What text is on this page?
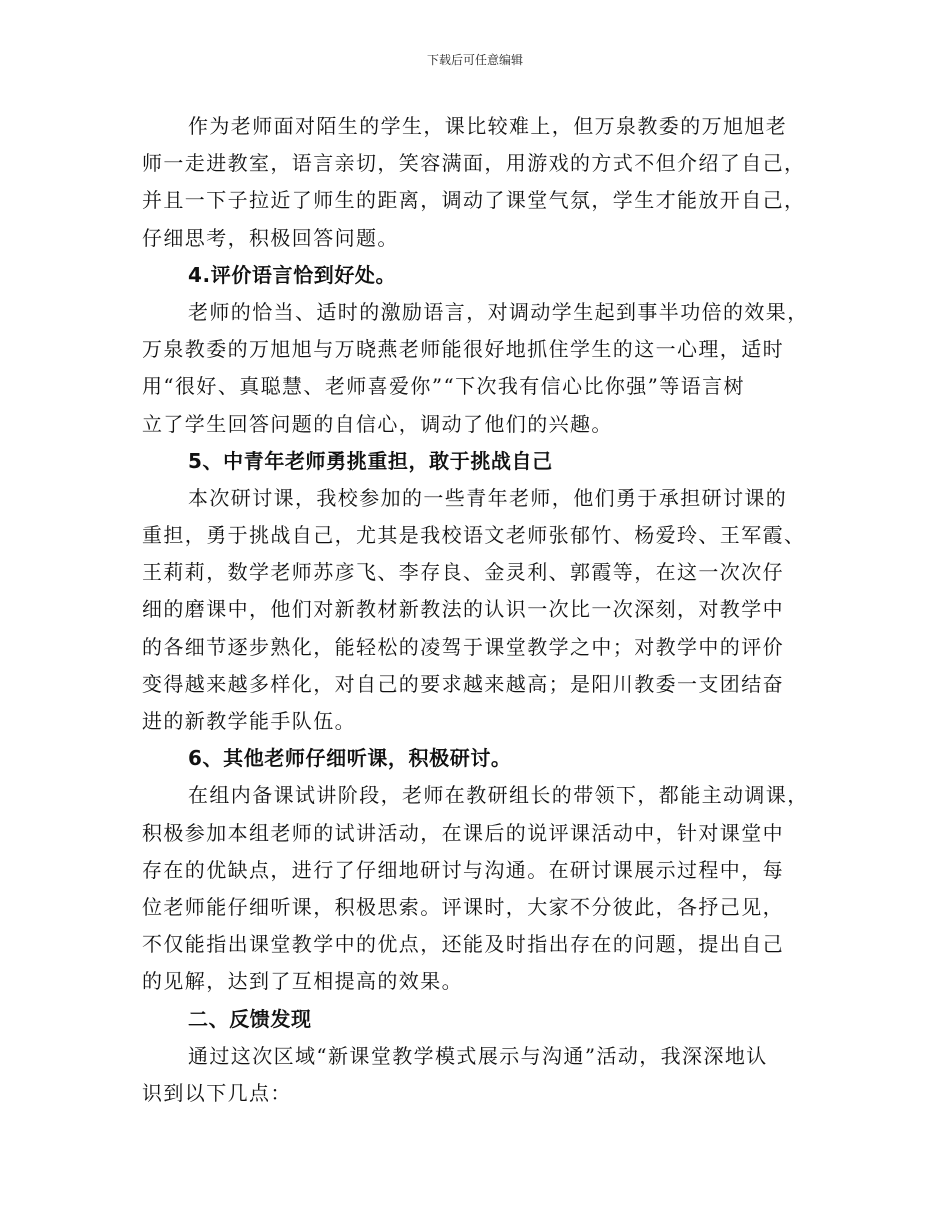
下载后可任意编辑
作为老师面对陌生的学生，课比较难上，但万泉教委的万旭旭老
师一走进教室，语言亲切，笑容满面，用游戏的方式不但介绍了自己，
并且一下子拉近了师生的距离，调动了课堂气氛，学生才能放开自己，
仔细思考，积极回答问题。
4.评价语言恰到好处。
老师的恰当、适时的激励语言，对调动学生起到事半功倍的效果，
万泉教委的万旭旭与万晓燕老师能很好地抓住学生的这一心理，适时
用“很好、真聪慧、老师喜爱你”“下次我有信心比你强”等语言树
立了学生回答问题的自信心，调动了他们的兴趣。
5、中青年老师勇挑重担，敢于挑战自己
本次研讨课，我校参加的一些青年老师，他们勇于承担研讨课的
重担，勇于挑战自己，尤其是我校语文老师张郁竹、杨爱玲、王军霞、
王莉莉，数学老师苏彦飞、李存良、金灵利、郭霞等，在这一次次仔
细的磨课中，他们对新教材新教法的认识一次比一次深刻，对教学中
的各细节逐步熟化，能轻松的凌驾于课堂教学之中；对教学中的评价
变得越来越多样化，对自己的要求越来越高；是阳川教委一支团结奋
进的新教学能手队伍。
6、其他老师仔细听课，积极研讨。
在组内备课试讲阶段，老师在教研组长的带领下，都能主动调课，
积极参加本组老师的试讲活动，在课后的说评课活动中，针对课堂中
存在的优缺点，进行了仔细地研讨与沟通。在研讨课展示过程中，每
位老师能仔细听课，积极思索。评课时，大家不分彼此，各抒己见，
不仅能指出课堂教学中的优点，还能及时指出存在的问题，提出自己
的见解，达到了互相提高的效果。
二、反馈发现
通过这次区域“新课堂教学模式展示与沟通”活动，我深深地认
识到以下几点：
